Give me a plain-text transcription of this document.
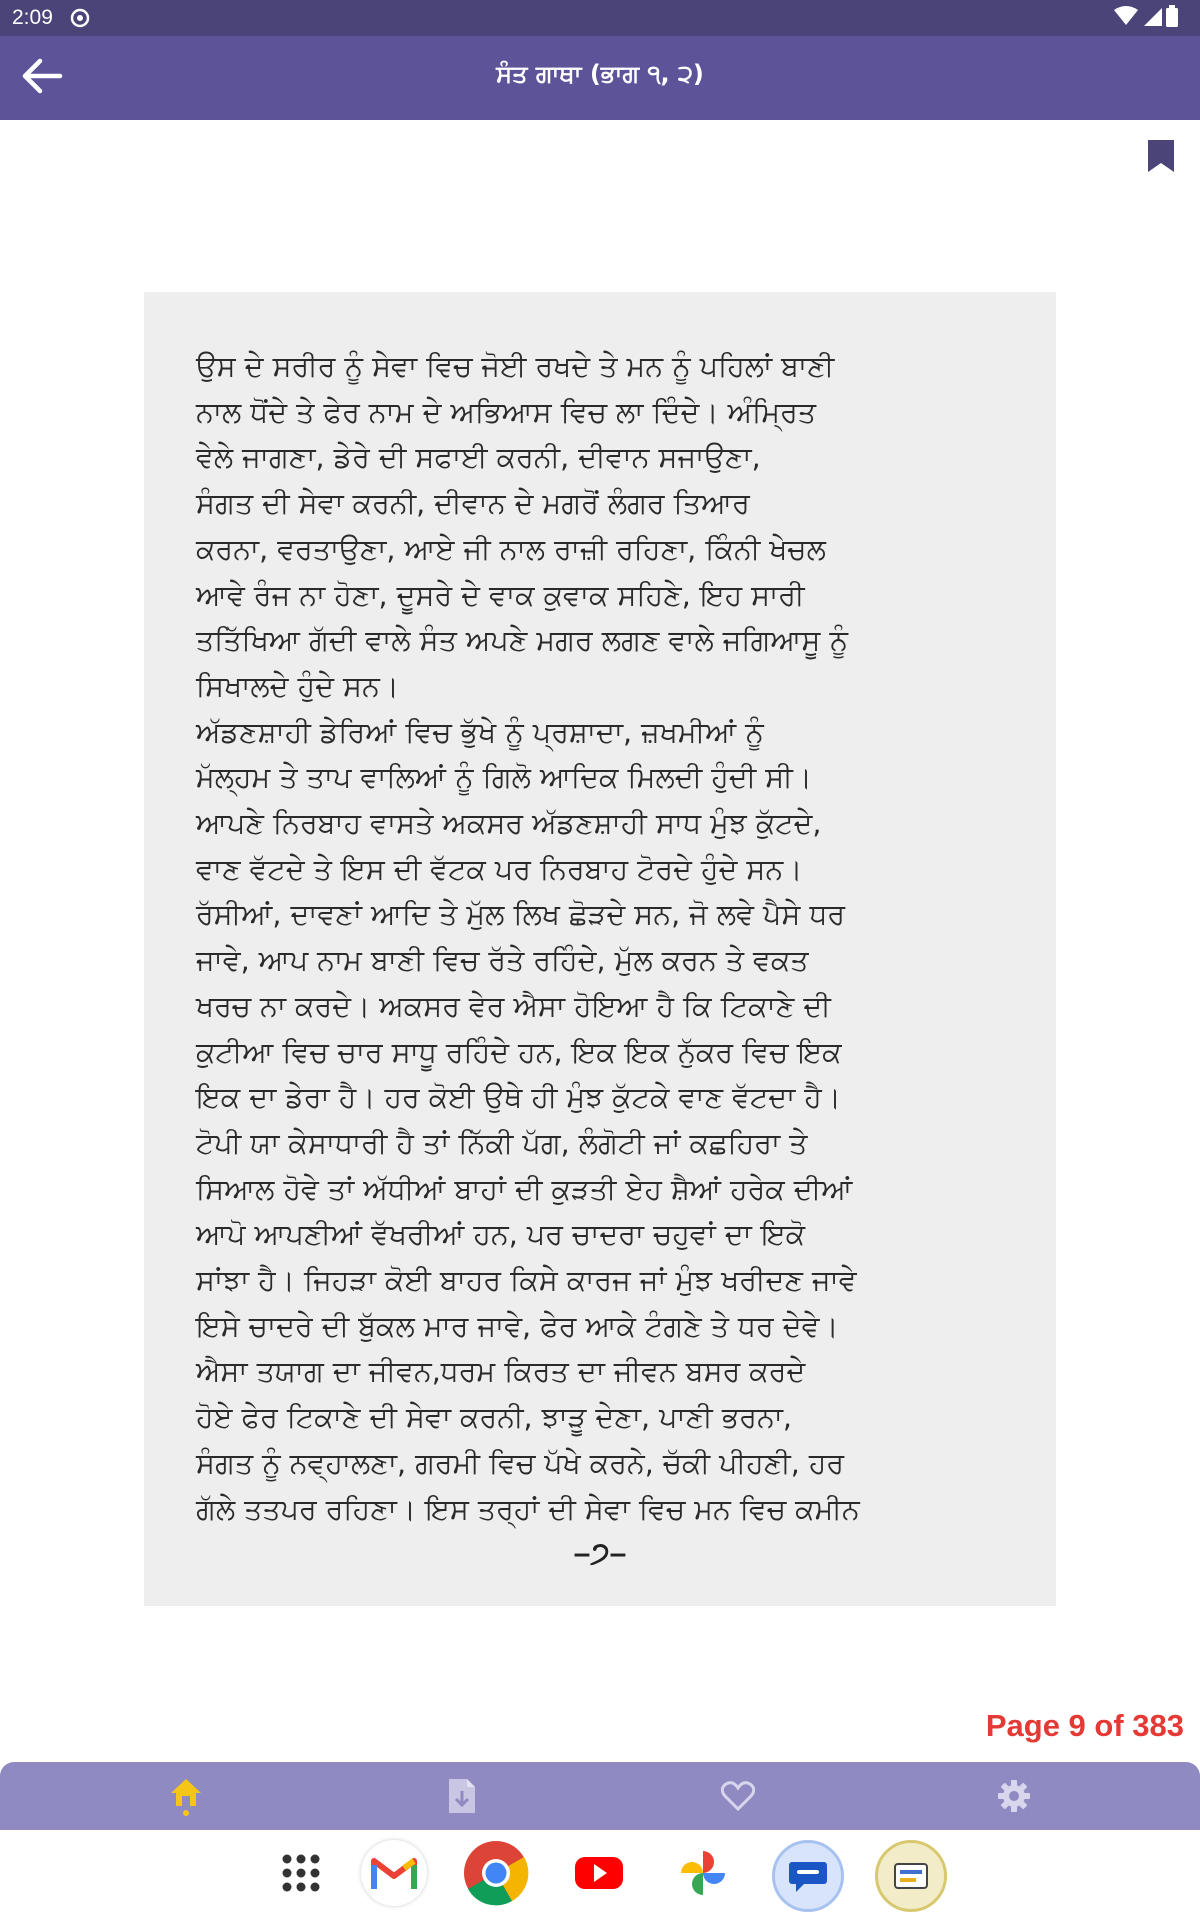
2:09
ਸੰਤ ਗਾਥਾ (ਭਾਗ ੧, ੨)
ਉਸ ਦੇ ਸਰੀਰ ਨੂੰ ਸੇਵਾ ਵਿਚ ਜੋਈ ਰਖਦੇ ਤੇ ਮਨ ਨੂੰ ਪਹਿਲਾਂ ਬਾਣੀ
ਨਾਲ ਧੋਂਦੇ ਤੇ ਫੇਰ ਨਾਮ ਦੇ ਅਭਿਆਸ ਵਿਚ ਲਾ ਦਿੰਦੇ। ਅੰਮ੍ਰਿਤ
ਵੇਲੇ ਜਾਗਣਾ, ਡੇਰੇ ਦੀ ਸਫਾਈ ਕਰਨੀ, ਦੀਵਾਨ ਸਜਾਉਣਾ,
ਸੰਗਤ ਦੀ ਸੇਵਾ ਕਰਨੀ, ਦੀਵਾਨ ਦੇ ਮਗਰੋਂ ਲੰਗਰ ਤਿਆਰ
ਕਰਨਾ, ਵਰਤਾਉਣਾ, ਆਏ ਜੀ ਨਾਲ ਰਾਜ਼ੀ ਰਹਿਣਾ, ਕਿੰਨੀ ਖੇਚਲ
ਆਵੇ ਰੰਜ ਨਾ ਹੋਣਾ, ਦੂਸਰੇ ਦੇ ਵਾਕ ਕੁਵਾਕ ਸਹਿਣੇ, ਇਹ ਸਾਰੀ
ਤਤਿੱਖਿਆ ਗੱਦੀ ਵਾਲੇ ਸੰਤ ਅਪਣੇ ਮਗਰ ਲਗਣ ਵਾਲੇ ਜਗਿਆਸੂ ਨੂੰ
ਸਿਖਾਲਦੇ ਹੁੰਦੇ ਸਨ।
ਅੱਡਣਸ਼ਾਹੀ ਡੇਰਿਆਂ ਵਿਚ ਭੁੱਖੇ ਨੂੰ ਪ੍ਰਸ਼ਾਦਾ, ਜ਼ਖਮੀਆਂ ਨੂੰ
ਮੱਲ੍ਹਮ ਤੇ ਤਾਪ ਵਾਲਿਆਂ ਨੂੰ ਗਿਲੋ ਆਦਿਕ ਮਿਲਦੀ ਹੁੰਦੀ ਸੀ।
ਆਪਣੇ ਨਿਰਬਾਹ ਵਾਸਤੇ ਅਕਸਰ ਅੱਡਣਸ਼ਾਹੀ ਸਾਧ ਮੁੰਝ ਕੁੱਟਦੇ,
ਵਾਣ ਵੱਟਦੇ ਤੇ ਇਸ ਦੀ ਵੱਟਕ ਪਰ ਨਿਰਬਾਹ ਟੋਰਦੇ ਹੁੰਦੇ ਸਨ।
ਰੱਸੀਆਂ, ਦਾਵਣਾਂ ਆਦਿ ਤੇ ਮੁੱਲ ਲਿਖ ਛੋੜਦੇ ਸਨ, ਜੋ ਲਵੇ ਪੈਸੇ ਧਰ
ਜਾਵੇ, ਆਪ ਨਾਮ ਬਾਣੀ ਵਿਚ ਰੱਤੇ ਰਹਿੰਦੇ, ਮੁੱਲ ਕਰਨ ਤੇ ਵਕਤ
ਖਰਚ ਨਾ ਕਰਦੇ। ਅਕਸਰ ਵੇਰ ਐਸਾ ਹੋਇਆ ਹੈ ਕਿ ਟਿਕਾਣੇ ਦੀ
ਕੁਟੀਆ ਵਿਚ ਚਾਰ ਸਾਧੂ ਰਹਿੰਦੇ ਹਨ, ਇਕ ਇਕ ਨੁੱਕਰ ਵਿਚ ਇਕ
ਇਕ ਦਾ ਡੇਰਾ ਹੈ। ਹਰ ਕੋਈ ਉਥੇ ਹੀ ਮੁੰਝ ਕੁੱਟਕੇ ਵਾਣ ਵੱਟਦਾ ਹੈ।
ਟੋਪੀ ਯਾ ਕੇਸਾਧਾਰੀ ਹੈ ਤਾਂ ਨਿੱਕੀ ਪੱਗ, ਲੰਗੋਟੀ ਜਾਂ ਕਛਹਿਰਾ ਤੇ
ਸਿਆਲ ਹੋਵੇ ਤਾਂ ਅੱਧੀਆਂ ਬਾਹਾਂ ਦੀ ਕੁੜਤੀ ਏਹ ਸ਼ੈਆਂ ਹਰੇਕ ਦੀਆਂ
ਆਪੋ ਆਪਣੀਆਂ ਵੱਖਰੀਆਂ ਹਨ, ਪਰ ਚਾਦਰਾ ਚਹੁਵਾਂ ਦਾ ਇਕੋ
ਸਾਂਝਾ ਹੈ। ਜਿਹੜਾ ਕੋਈ ਬਾਹਰ ਕਿਸੇ ਕਾਰਜ ਜਾਂ ਮੁੰਝ ਖਰੀਦਣ ਜਾਵੇ
ਇਸੇ ਚਾਦਰੇ ਦੀ ਬੁੱਕਲ ਮਾਰ ਜਾਵੇ, ਫੇਰ ਆਕੇ ਟੰਗਣੇ ਤੇ ਧਰ ਦੇਵੇ।
ਐਸਾ ਤਯਾਗ ਦਾ ਜੀਵਨ,ਧਰਮ ਕਿਰਤ ਦਾ ਜੀਵਨ ਬਸਰ ਕਰਦੇ
ਹੋਏ ਫੇਰ ਟਿਕਾਣੇ ਦੀ ਸੇਵਾ ਕਰਨੀ, ਝਾੜੂ ਦੇਣਾ, ਪਾਣੀ ਭਰਨਾ,
ਸੰਗਤ ਨੂੰ ਨਵ੍ਹਾਲਣਾ, ਗਰਮੀ ਵਿਚ ਪੱਖੇ ਕਰਨੇ, ਚੱਕੀ ਪੀਹਣੀ, ਹਰ
ਗੱਲੇ ਤਤਪਰ ਰਹਿਣਾ। ਇਸ ਤਰ੍ਹਾਂ ਦੀ ਸੇਵਾ ਵਿਚ ਮਨ ਵਿਚ ਕਮੀਨ
–੭–
Page 9 of 383
